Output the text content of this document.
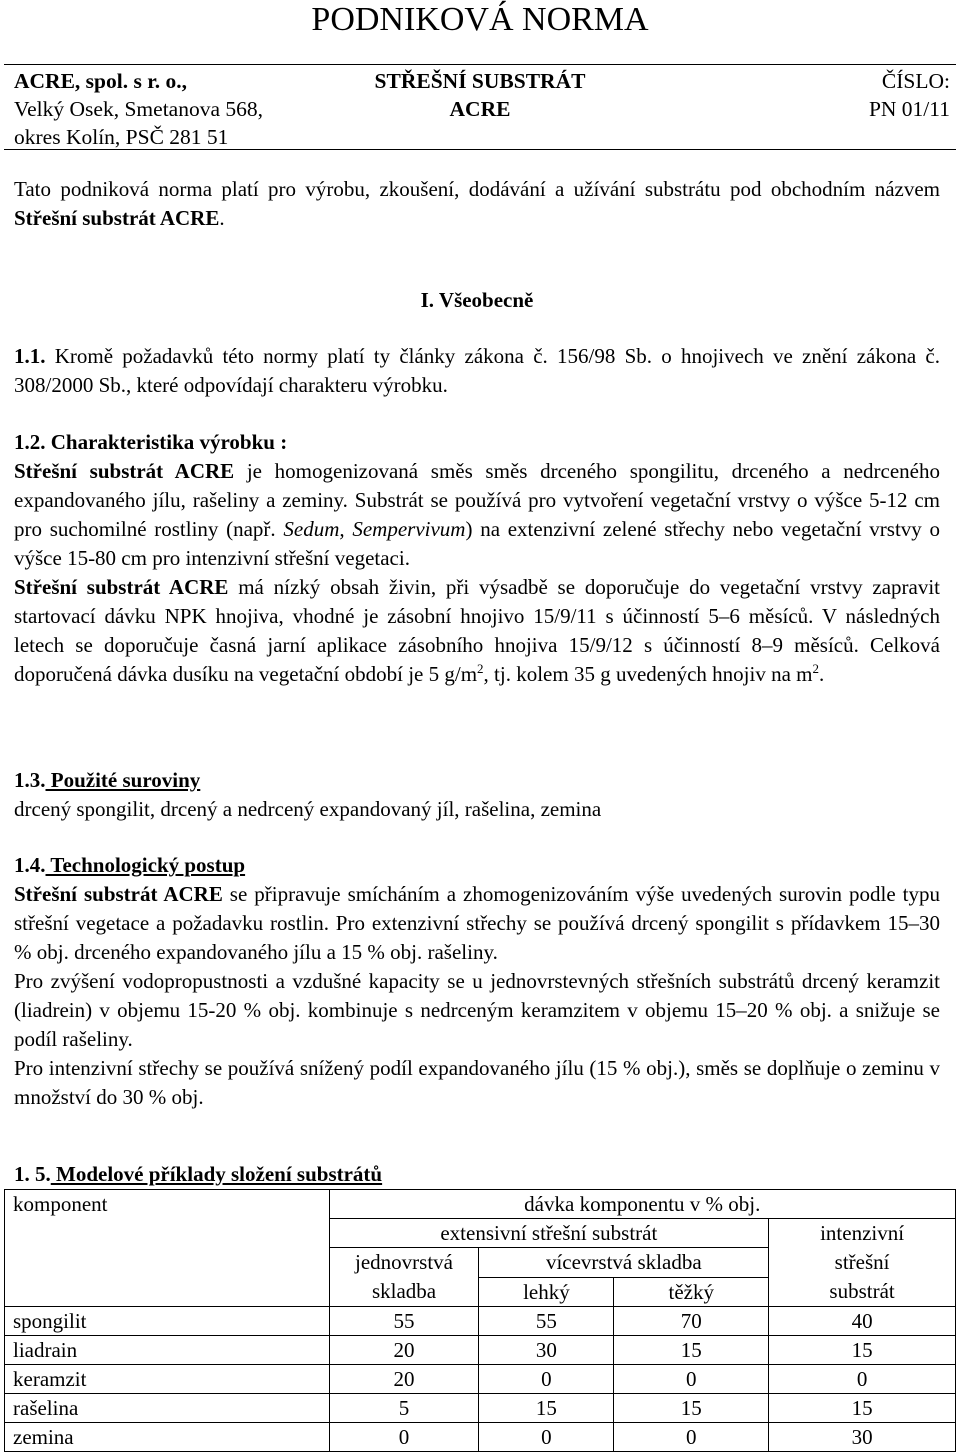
PODNIKOVÁ NORMA
ACRE, spol. s r. o.,
Velký Osek, Smetanova 568,
okres Kolín, PSČ 281 51
STŘEŠNÍ SUBSTRÁT
ACRE
ČÍSLO:
PN 01/11
Tato podniková norma platí pro výrobu, zkoušení, dodávání a užívání substrátu pod obchodním názvem Střešní substrát ACRE.
I. Všeobecně
1.1. Kromě požadavků této normy platí ty články zákona č. 156/98 Sb. o hnojivech ve znění zákona č. 308/2000 Sb., které odpovídají charakteru výrobku.
1.2. Charakteristika výrobku :

Střešní substrát ACRE je homogenizovaná směs směs drceného spongilitu, drceného a nedrceného expandovaného jílu, rašeliny a zeminy. Substrát se používá pro vytvoření vegetační vrstvy o výšce 5-12 cm pro suchomilné rostliny (např. Sedum, Sempervivum) na extenzivní zelené střechy nebo vegetační vrstvy o výšce 15-80 cm pro intenzivní střešní vegetaci.

Střešní substrát ACRE má nízký obsah živin, při výsadbě se doporučuje do vegetační vrstvy zapravit startovací dávku NPK hnojiva, vhodné je zásobní hnojivo 15/9/11 s účinností 5–6 měsíců. V následných letech se doporučuje časná jarní aplikace zásobního hnojiva 15/9/12 s účinností 8–9 měsíců. Celková doporučená dávka dusíku na vegetační období je 5 $g/m^2$, tj. kolem 35 g uvedených hnojiv na $m^2$.

1.3. Použité suroviny
drcený spongilit, drcený a nedrcený expandovaný jíl, rašelina, zemina
1.4. Technologický postup

Střešní substrát ACRE se připravuje smícháním a zhomogenizováním výše uvedených surovin podle typu střešní vegetace a požadavku rostlin. Pro extenzivní střechy se používá drcený spongilit s přídavkem 15–30 % obj. drceného expandovaného jílu a 15 % obj. rašeliny.

Pro zvýšení vodopropustnosti a vzdušné kapacity se u jednovrstevných střešních substrátů drcený keramzit (liadrein) v objemu 15-20 % obj. kombinuje s nedrceným keramzitem v objemu 15–20 % obj. a snižuje se podíl rašeliny.

Pro intenzivní střechy se používá snížený podíl expandovaného jílu (15 % obj.), směs se doplňuje o zeminu v množství do 30 % obj.

1. 5. Modelové příklady složení substrátů
komponent	dávka komponentu v % obj.			
	extensivní střešní substrát			intenzivní
střešní
substrát

	jednovrstvá
skladba	vícevrstvá skladba		
		lehký	těžký	
spongilit	55	55	70	40
liadrain	20	30	15	15
keramzit	20	0	0	0
rašelina	5	15	15	15
zemina	0	0	0	30
